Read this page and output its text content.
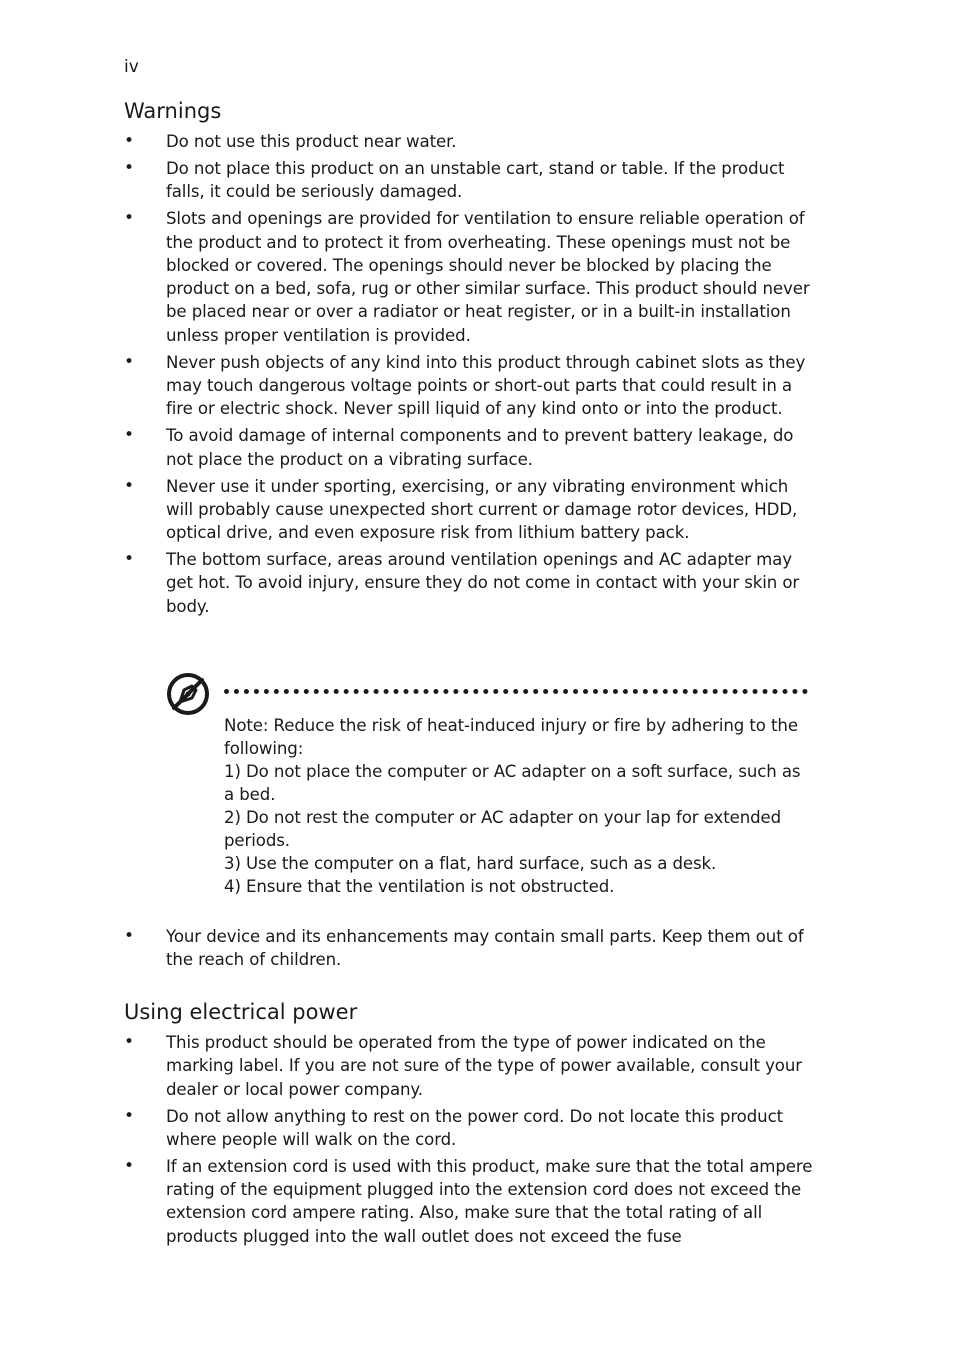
iv
Warnings
• Do not use this product near water.
• Do not place this product on an unstable cart, stand or table. If the product falls, it could be seriously damaged.
• Slots and openings are provided for ventilation to ensure reliable operation of the product and to protect it from overheating. These openings must not be blocked or covered. The openings should never be blocked by placing the product on a bed, sofa, rug or other similar surface. This product should never be placed near or over a radiator or heat register, or in a built-in installation unless proper ventilation is provided.
• Never push objects of any kind into this product through cabinet slots as they may touch dangerous voltage points or short-out parts that could result in a fire or electric shock. Never spill liquid of any kind onto or into the product.
• To avoid damage of internal components and to prevent battery leakage, do not place the product on a vibrating surface.
• Never use it under sporting, exercising, or any vibrating environment which will probably cause unexpected short current or damage rotor devices, HDD, optical drive, and even exposure risk from lithium battery pack.
• The bottom surface, areas around ventilation openings and AC adapter may get hot. To avoid injury, ensure they do not come in contact with your skin or body.
Note: Reduce the risk of heat-induced injury or fire by adhering to the following:
1) Do not place the computer or AC adapter on a soft surface, such as a bed.
2) Do not rest the computer or AC adapter on your lap for extended periods.
3) Use the computer on a flat, hard surface, such as a desk.
4) Ensure that the ventilation is not obstructed.
• Your device and its enhancements may contain small parts. Keep them out of the reach of children.
Using electrical power
• This product should be operated from the type of power indicated on the marking label. If you are not sure of the type of power available, consult your dealer or local power company.
• Do not allow anything to rest on the power cord. Do not locate this product where people will walk on the cord.
• If an extension cord is used with this product, make sure that the total ampere rating of the equipment plugged into the extension cord does not exceed the extension cord ampere rating. Also, make sure that the total rating of all products plugged into the wall outlet does not exceed the fuse
